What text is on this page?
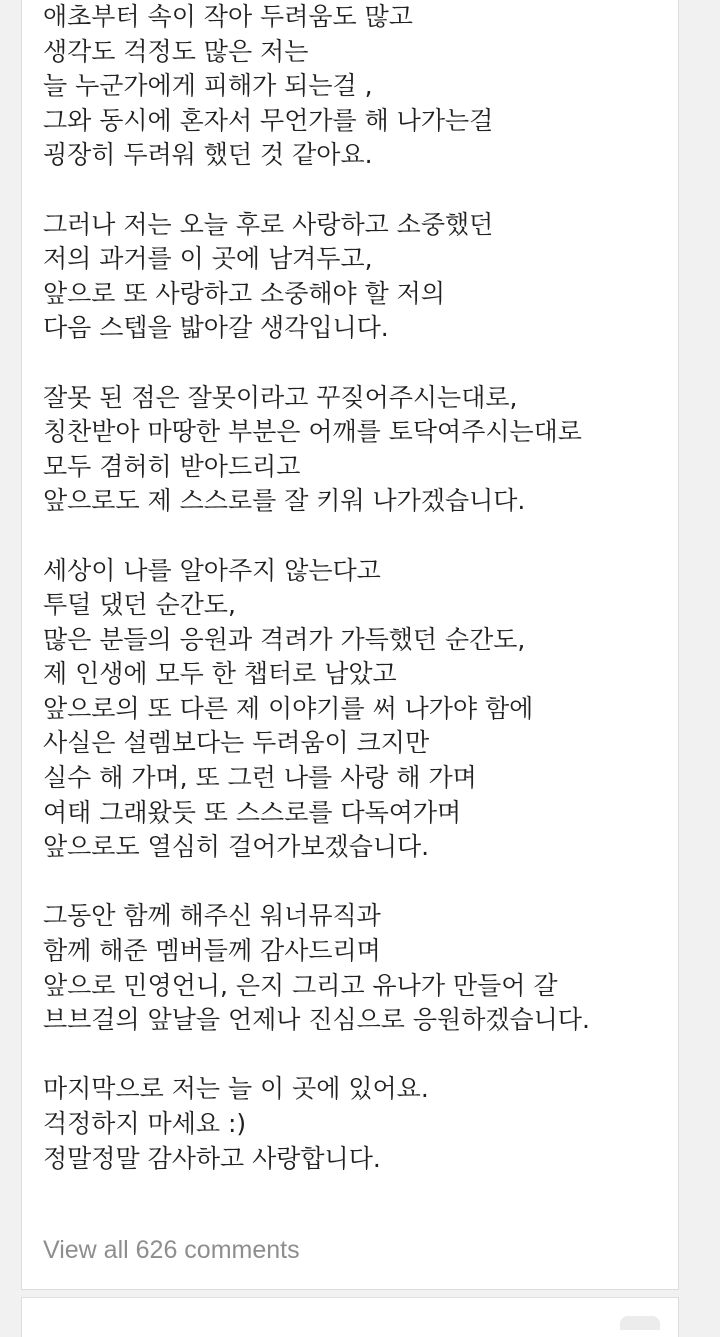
애초부터 속이 작아 두려움도 많고
생각도 걱정도 많은 저는
늘 누군가에게 피해가 되는걸 ,
그와 동시에 혼자서 무언가를 해 나가는걸
굉장히 두려워 했던 것 같아요.
그러나 저는 오늘 후로 사랑하고 소중했던
저의 과거를 이 곳에 남겨두고,
앞으로 또 사랑하고 소중해야 할 저의
다음 스텝을 밟아갈 생각입니다.
잘못 된 점은 잘못이라고 꾸짖어주시는대로,
칭찬받아 마땅한 부분은 어깨를 토닥여주시는대로
모두 겸허히 받아드리고
앞으로도 제 스스로를 잘 키워 나가겠습니다.
세상이 나를 알아주지 않는다고
투덜 댔던 순간도,
많은 분들의 응원과 격려가 가득했던 순간도,
제 인생에 모두 한 챕터로 남았고
앞으로의 또 다른 제 이야기를 써 나가야 함에
사실은 설렘보다는 두려움이 크지만
실수 해 가며, 또 그런 나를 사랑 해 가며
여태 그래왔듯 또 스스로를 다독여가며
앞으로도 열심히 걸어가보겠습니다.
그동안 함께 해주신 워너뮤직과
함께 해준 멤버들께 감사드리며
앞으로 민영언니, 은지 그리고 유나가 만들어 갈
브브걸의 앞날을 언제나 진심으로 응원하겠습니다.
마지막으로 저는 늘 이 곳에 있어요.
걱정하지 마세요 :)
정말정말 감사하고 사랑합니다.
View all 626 comments
